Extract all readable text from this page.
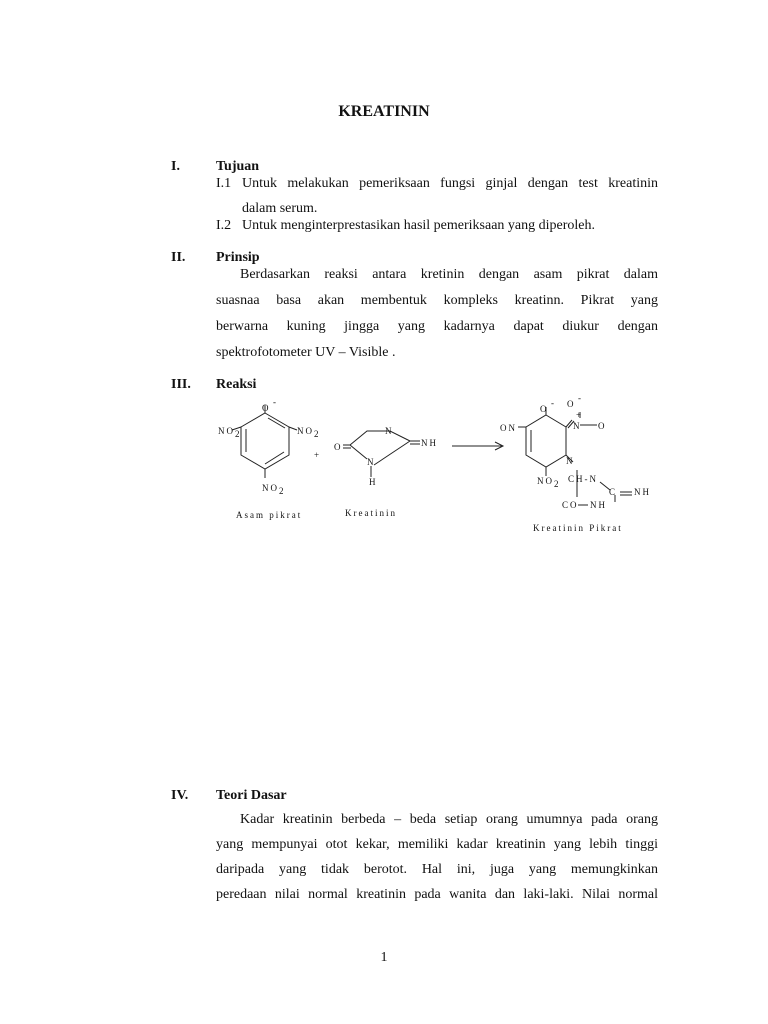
KREATININ
I.	Tujuan
I.1 Untuk melakukan pemeriksaan fungsi ginjal dengan test kreatinin
dalam serum.
I.2 Untuk menginterprestasikan hasil pemeriksaan yang diperoleh.
II. Prinsip
Berdasarkan reaksi antara kretinin dengan asam pikrat dalam
suasnaa basa akan membentuk kompleks kreatinn. Pikrat yang
berwarna kuning jingga yang kadarnya dapat diukur dengan
spektrofotometer UV – Visible .
III. Reaksi
O
-
NO 2	NO 2
NO 2
Asam pikrat
+
O
N
NH
N
H
Kreatinin
O
- O
-
N
+
O
ON
N
NO 2 CH-N
C NH
CO NH
Kreatinin Pikrat
IV. Teori Dasar
Kadar kreatinin berbeda – beda setiap orang umumnya pada orang
yang mempunyai otot kekar, memiliki kadar kreatinin yang lebih tinggi
daripada yang tidak berotot. Hal ini, juga yang memungkinkan
peredaan nilai normal kreatinin pada wanita dan laki-laki. Nilai normal
1
